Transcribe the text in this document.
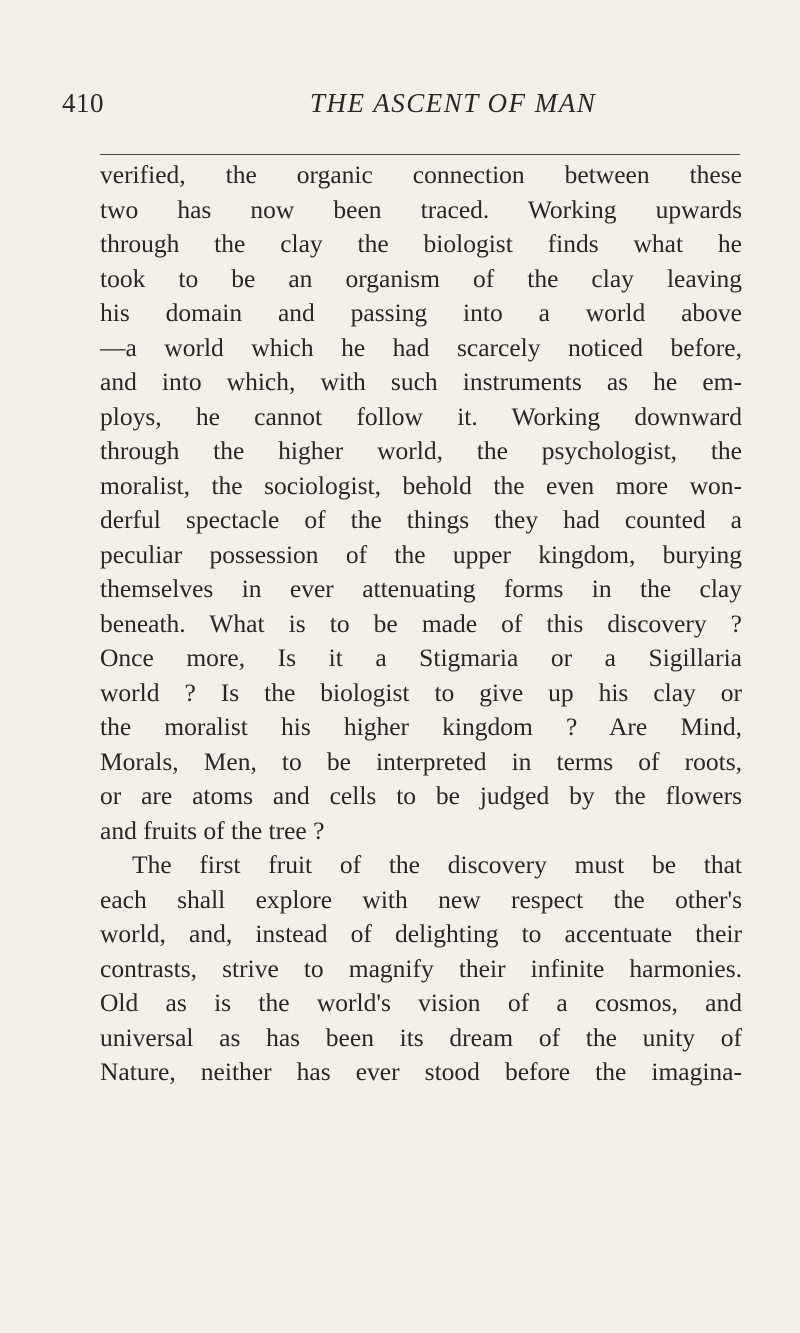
410	THE ASCENT OF MAN
verified, the organic connection between these
two has now been traced. Working upwards
through the clay the biologist finds what he
took to be an organism of the clay leaving
his domain and passing into a world above
—a world which he had scarcely noticed before,
and into which, with such instruments as he em-
ploys, he cannot follow it. Working downward
through the higher world, the psychologist, the
moralist, the sociologist, behold the even more won-
derful spectacle of the things they had counted a
peculiar possession of the upper kingdom, burying
themselves in ever attenuating forms in the clay
beneath. What is to be made of this discovery ?
Once more, Is it a Stigmaria or a Sigillaria
world ? Is the biologist to give up his clay or
the moralist his higher kingdom ? Are Mind,
Morals, Men, to be interpreted in terms of roots,
or are atoms and cells to be judged by the flowers
and fruits of the tree ?
The first fruit of the discovery must be that
each shall explore with new respect the other's
world, and, instead of delighting to accentuate their
contrasts, strive to magnify their infinite harmonies.
Old as is the world's vision of a cosmos, and
universal as has been its dream of the unity of
Nature, neither has ever stood before the imagina-
